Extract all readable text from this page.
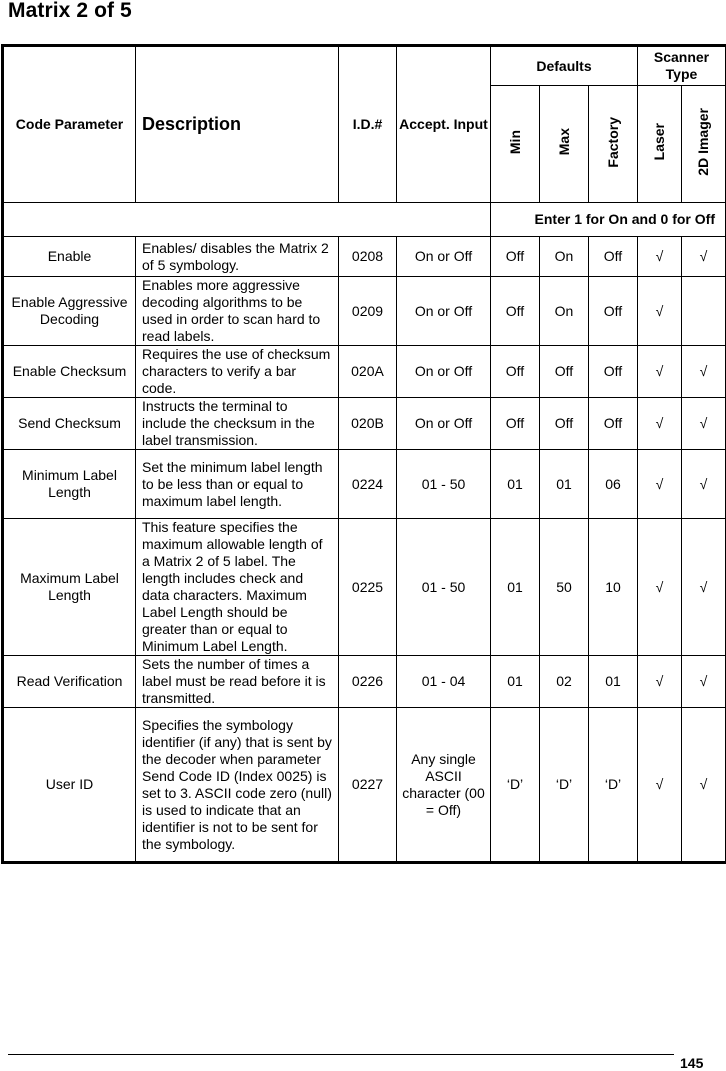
Matrix 2 of 5
Code Parameter	Description	I.D.#	Accept. Input	Defaults			Scanner Type	
				Min	Max	Factory	Laser	2D Imager
				Enter 1 for On and 0 for Off				
Enable	Enables/ disables the Matrix 2 of 5 symbology.	0208	On or Off	Off	On	Off	√	√
Enable Aggressive Decoding	Enables more aggressive decoding algorithms to be used in order to scan hard to read labels.	0209	On or Off	Off	On	Off	√	
Enable Checksum	Requires the use of checksum characters to verify a bar code.	020A	On or Off	Off	Off	Off	√	√
Send Checksum	Instructs the terminal to include the checksum in the label transmission.	020B	On or Off	Off	Off	Off	√	√
Minimum Label Length	Set the minimum label length to be less than or equal to maximum label length.	0224	01 - 50	01	01	06	√	√
Maximum Label Length	This feature specifies the maximum allowable length of a Matrix 2 of 5 label. The length includes check and data characters. Maximum Label Length should be greater than or equal to Minimum Label Length.	0225	01 - 50	01	50	10	√	√
Read Verification	Sets the number of times a label must be read before it is transmitted.	0226	01 - 04	01	02	01	√	√
User ID	Specifies the symbology identifier (if any) that is sent by the decoder when parameter Send Code ID (Index 0025) is set to 3. ASCII code zero (null) is used to indicate that an identifier is not to be sent for the symbology.	0227	Any single ASCII character (00 = Off)	‘D’	‘D’	‘D’	√	√
145
